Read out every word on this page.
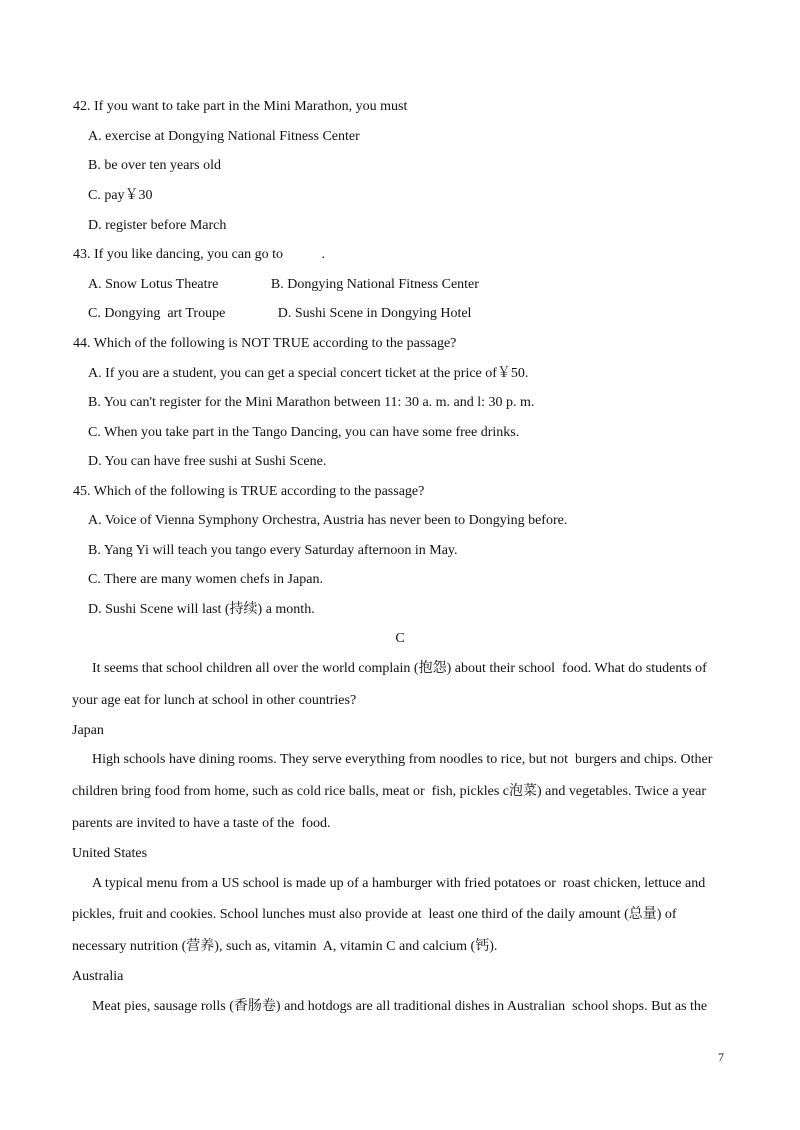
42. If you want to take part in the Mini Marathon, you must
A. exercise at Dongying National Fitness Center
B. be over ten years old
C. pay￥30
D. register before March
43. If you like dancing, you can go to           .
A. Snow Lotus Theatre               B. Dongying National Fitness Center
C. Dongying  art Troupe               D. Sushi Scene in Dongying Hotel
44. Which of the following is NOT TRUE according to the passage?
A. If you are a student, you can get a special concert ticket at the price of￥50.
B. You can't register for the Mini Marathon between 11: 30 a. m. and l: 30 p. m.
C. When you take part in the Tango Dancing, you can have some free drinks.
D. You can have free sushi at Sushi Scene.
45. Which of the following is TRUE according to the passage?
A. Voice of Vienna Symphony Orchestra, Austria has never been to Dongying before.
B. Yang Yi will teach you tango every Saturday afternoon in May.
C. There are many women chefs in Japan.
D. Sushi Scene will last (持续) a month.
C
It seems that school children all over the world complain (抱怨) about their school  food. What do students of
your age eat for lunch at school in other countries?
Japan
High schools have dining rooms. They serve everything from noodles to rice, but not  burgers and chips. Other
children bring food from home, such as cold rice balls, meat or  fish, pickles c泡菜) and vegetables. Twice a year
parents are invited to have a taste of the  food.
United States
A typical menu from a US school is made up of a hamburger with fried potatoes or  roast chicken, lettuce and
pickles, fruit and cookies. School lunches must also provide at  least one third of the daily amount (总量) of
necessary nutrition (营养), such as, vitamin  A, vitamin C and calcium (钙).
Australia
Meat pies, sausage rolls (香肠卷) and hotdogs are all traditional dishes in Australian  school shops. But as the
7
